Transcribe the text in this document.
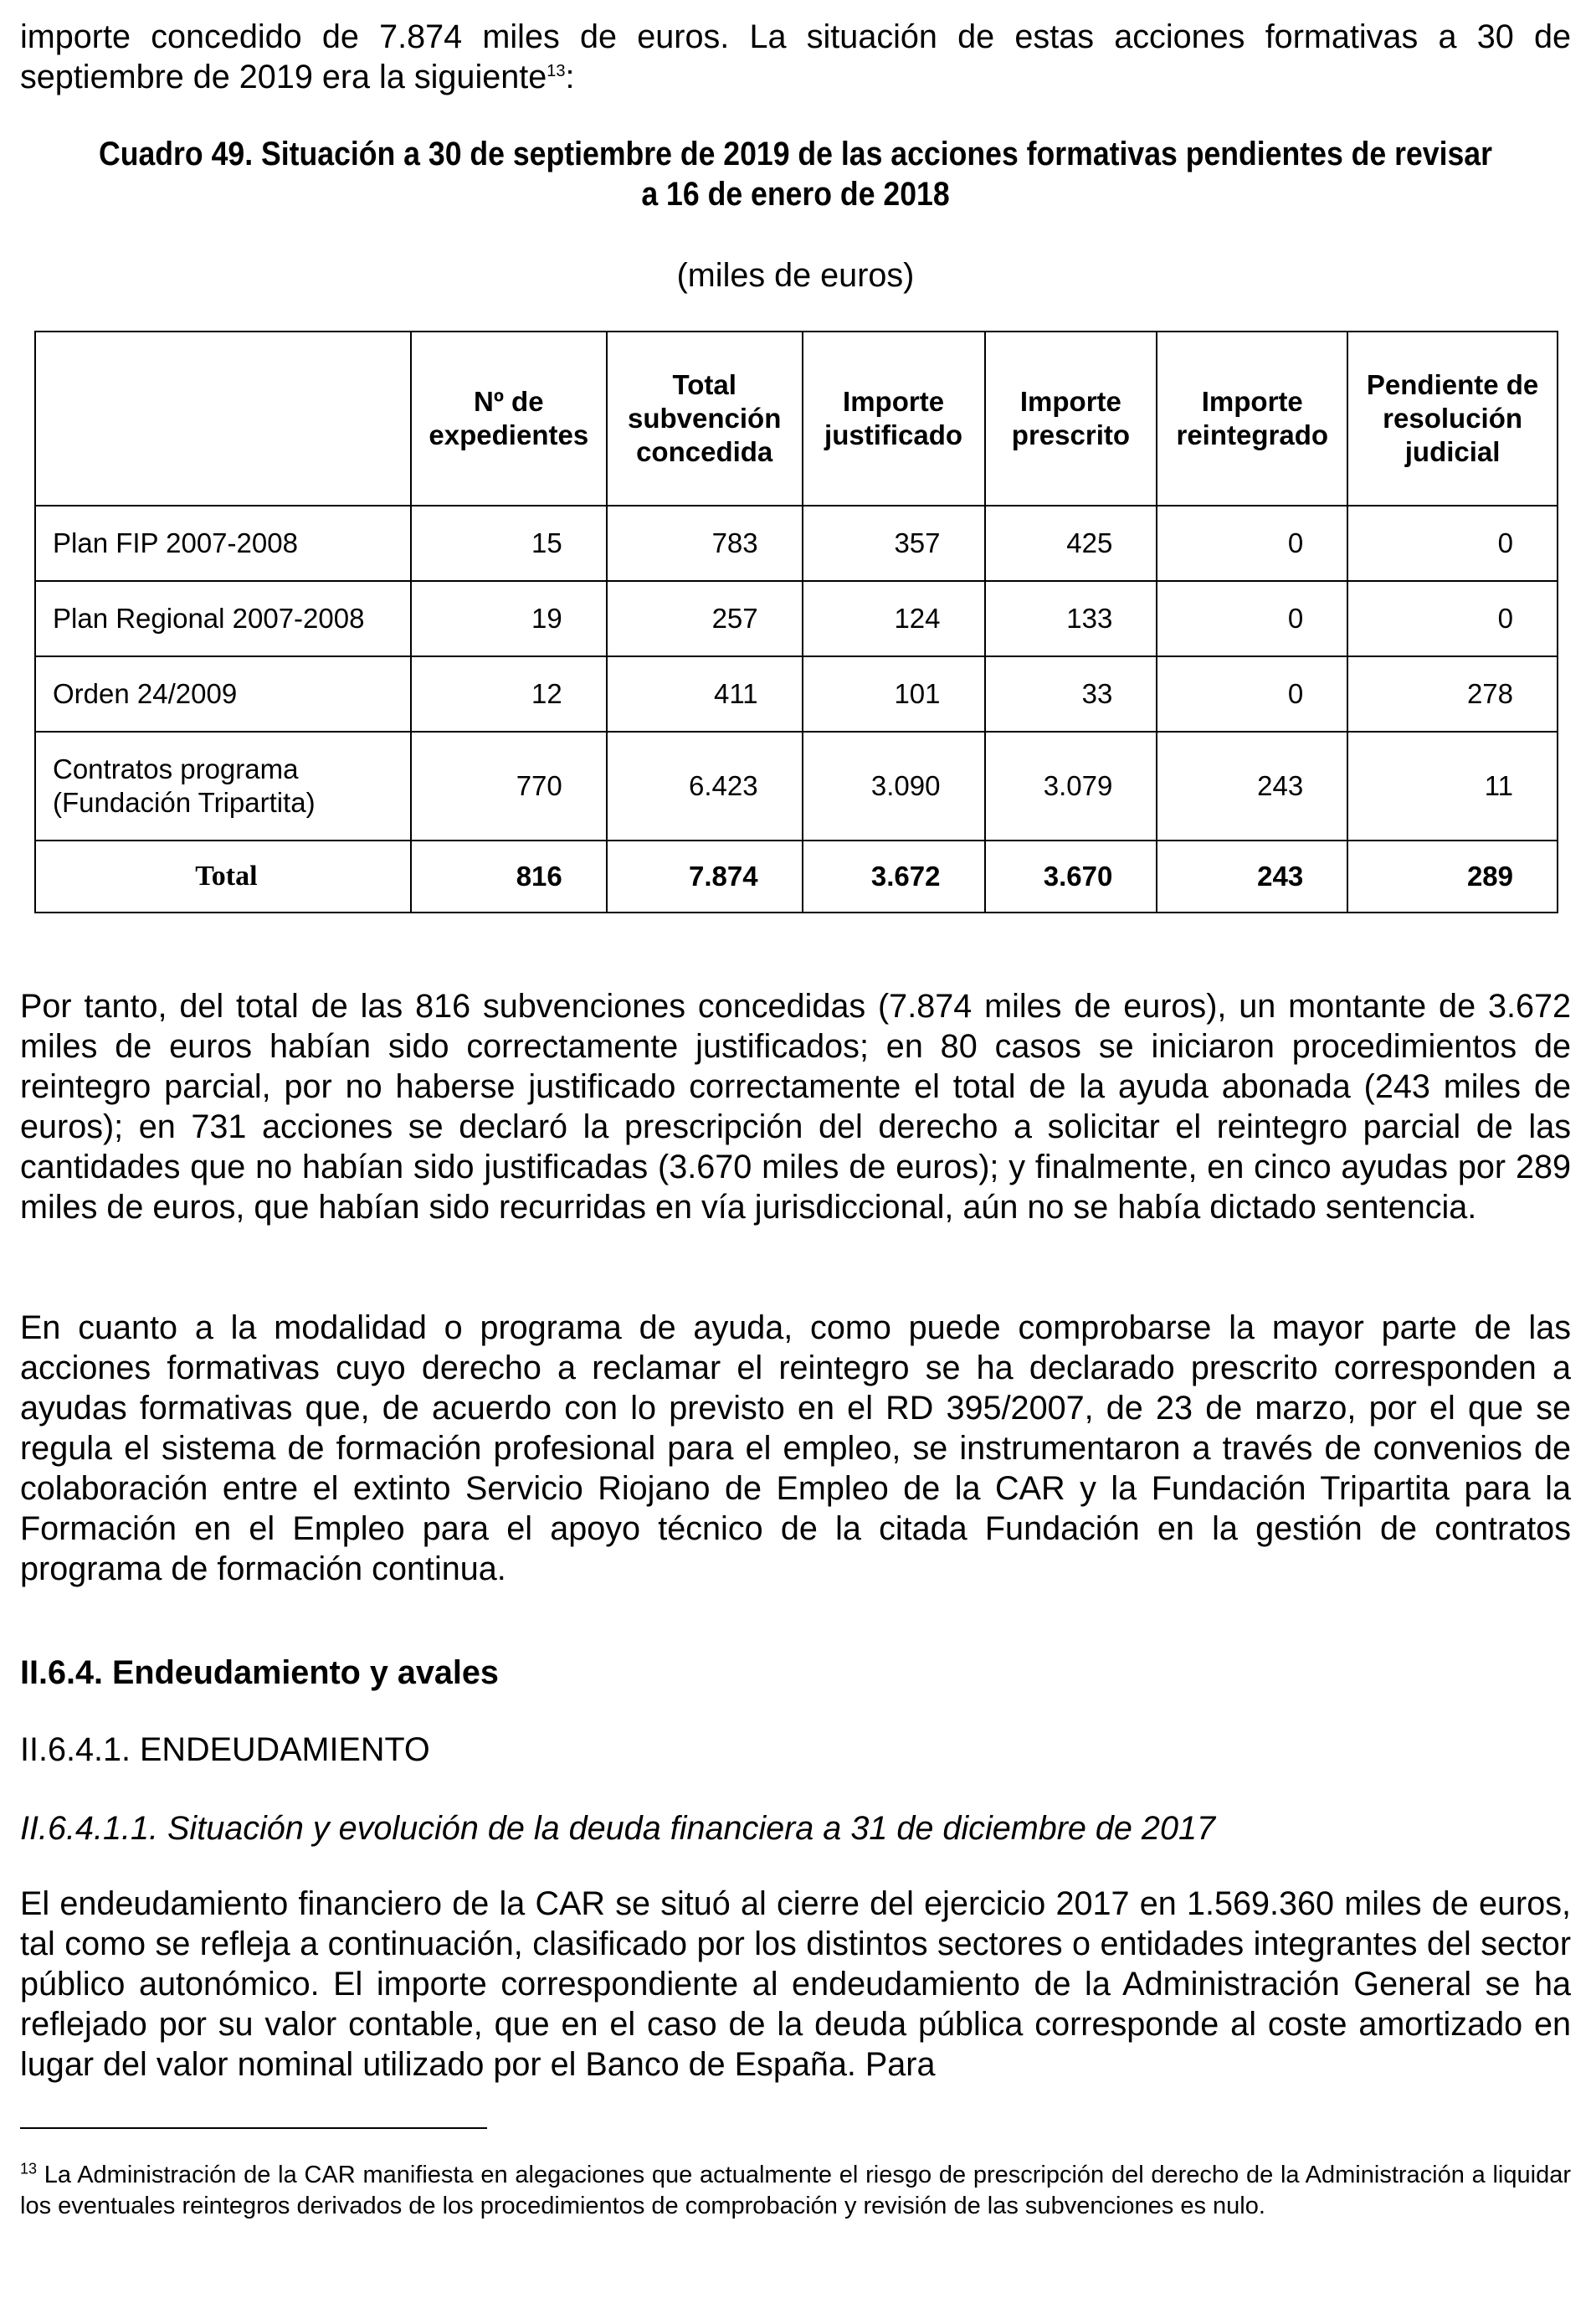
importe concedido de 7.874 miles de euros. La situación de estas acciones formativas a 30 de septiembre de 2019 era la siguiente$^{13}$:

Cuadro 49. Situación a 30 de septiembre de 2019 de las acciones formativas pendientes de revisar a 16 de enero de 2018
(miles de euros)
	Nº de expedientes	Total subvención concedida	Importe justificado	Importe prescrito	Importe reintegrado	Pendiente de resolución judicial
Plan FIP 2007-2008	15	783	357	425	0	0
Plan Regional 2007-2008	19	257	124	133	0	0
Orden 24/2009	12	411	101	33	0	278
Contratos programa (Fundación Tripartita)	770	6.423	3.090	3.079	243	11
Total	816	7.874	3.672	3.670	243	289

Por tanto, del total de las 816 subvenciones concedidas (7.874 miles de euros), un montante de 3.672 miles de euros habían sido correctamente justificados; en 80 casos se iniciaron procedimientos de reintegro parcial, por no haberse justificado correctamente el total de la ayuda abonada (243 miles de euros); en 731 acciones se declaró la prescripción del derecho a solicitar el reintegro parcial de las cantidades que no habían sido justificadas (3.670 miles de euros); y finalmente, en cinco ayudas por 289 miles de euros, que habían sido recurridas en vía jurisdiccional, aún no se había dictado sentencia.

En cuanto a la modalidad o programa de ayuda, como puede comprobarse la mayor parte de las acciones formativas cuyo derecho a reclamar el reintegro se ha declarado prescrito corresponden a ayudas formativas que, de acuerdo con lo previsto en el RD 395/2007, de 23 de marzo, por el que se regula el sistema de formación profesional para el empleo, se instrumentaron a través de convenios de colaboración entre el extinto Servicio Riojano de Empleo de la CAR y la Fundación Tripartita para la Formación en el Empleo para el apoyo técnico de la citada Fundación en la gestión de contratos programa de formación continua.

II.6.4. Endeudamiento y avales
II.6.4.1. ENDEUDAMIENTO
II.6.4.1.1. Situación y evolución de la deuda financiera a 31 de diciembre de 2017

El endeudamiento financiero de la CAR se situó al cierre del ejercicio 2017 en 1.569.360 miles de euros, tal como se refleja a continuación, clasificado por los distintos sectores o entidades integrantes del sector público autonómico. El importe correspondiente al endeudamiento de la Administración General se ha reflejado por su valor contable, que en el caso de la deuda pública corresponde al coste amortizado en lugar del valor nominal utilizado por el Banco de España. Para

$^{13}$ La Administración de la CAR manifiesta en alegaciones que actualmente el riesgo de prescripción del derecho de la Administración a liquidar los eventuales reintegros derivados de los procedimientos de comprobación y revisión de las subvenciones es nulo.
